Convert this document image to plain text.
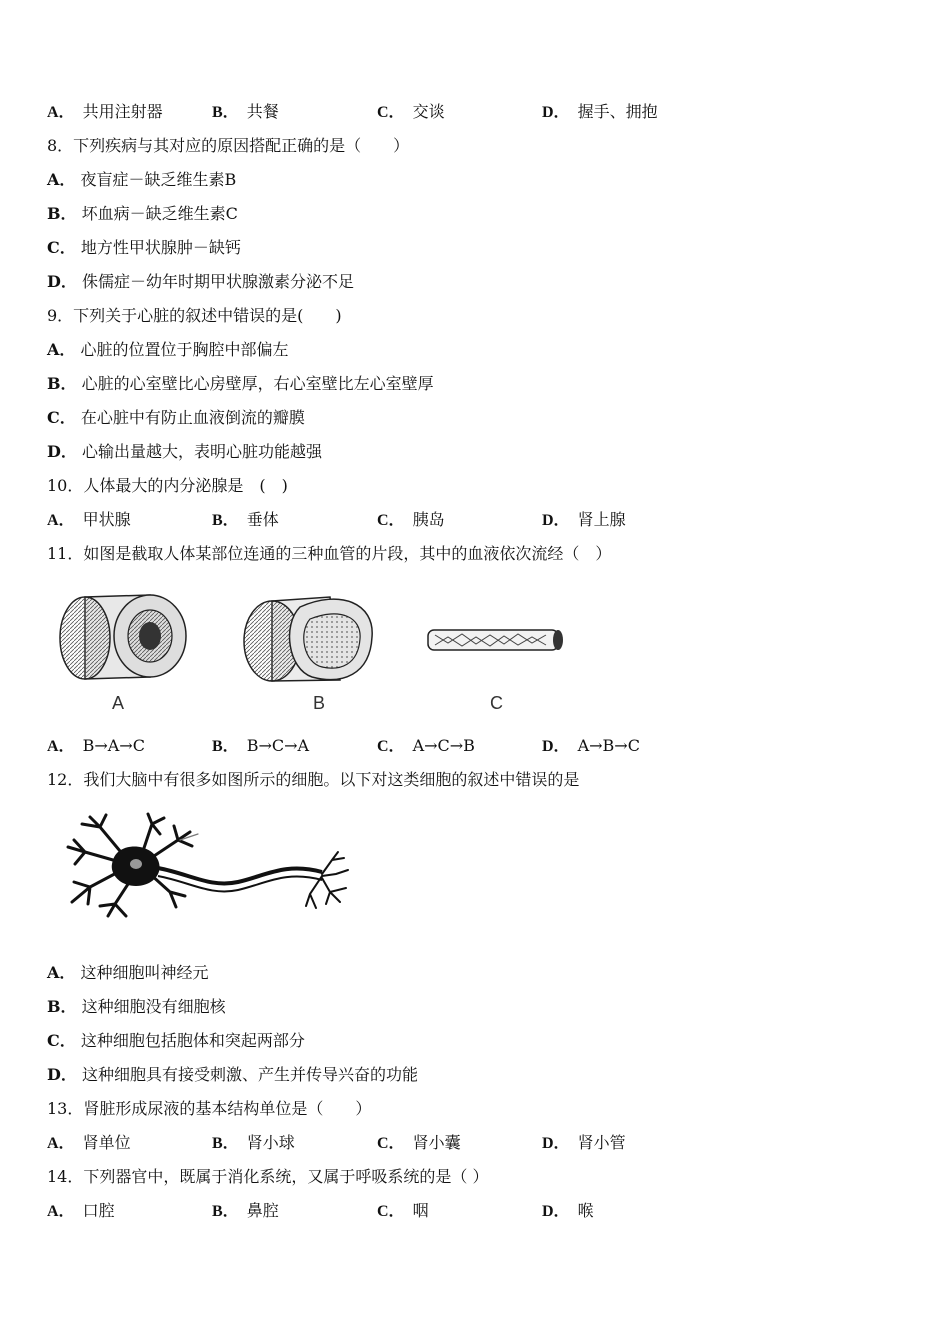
A． 共用注射器	B． 共餐	C． 交谈	D． 握手、拥抱
8．下列疾病与其对应的原因搭配正确的是（　　）
A． 夜盲症－缺乏维生素B
B． 坏血病－缺乏维生素C
C． 地方性甲状腺肿－缺钙
D． 侏儒症－幼年时期甲状腺激素分泌不足
9．下列关于心脏的叙述中错误的是(　　)
A． 心脏的位置位于胸腔中部偏左
B． 心脏的心室壁比心房壁厚，右心室壁比左心室壁厚
C． 在心脏中有防止血液倒流的瓣膜
D． 心输出量越大，表明心脏功能越强
10．人体最大的内分泌腺是　(　)
A． 甲状腺	B． 垂体	C． 胰岛	D． 肾上腺
11．如图是截取人体某部位连通的三种血管的片段，其中的血液依次流经（　）
A	B	C
A． B→A→C	B． B→C→A	C． A→C→B	D． A→B→C
12．我们大脑中有很多如图所示的细胞。以下对这类细胞的叙述中错误的是
A． 这种细胞叫神经元
B． 这种细胞没有细胞核
C． 这种细胞包括胞体和突起两部分
D． 这种细胞具有接受刺激、产生并传导兴奋的功能
13．肾脏形成尿液的基本结构单位是（　　）
A． 肾单位	B． 肾小球	C． 肾小囊	D． 肾小管
14．下列器官中，既属于消化系统，又属于呼吸系统的是（ ）
A． 口腔	B． 鼻腔	C． 咽	D． 喉
